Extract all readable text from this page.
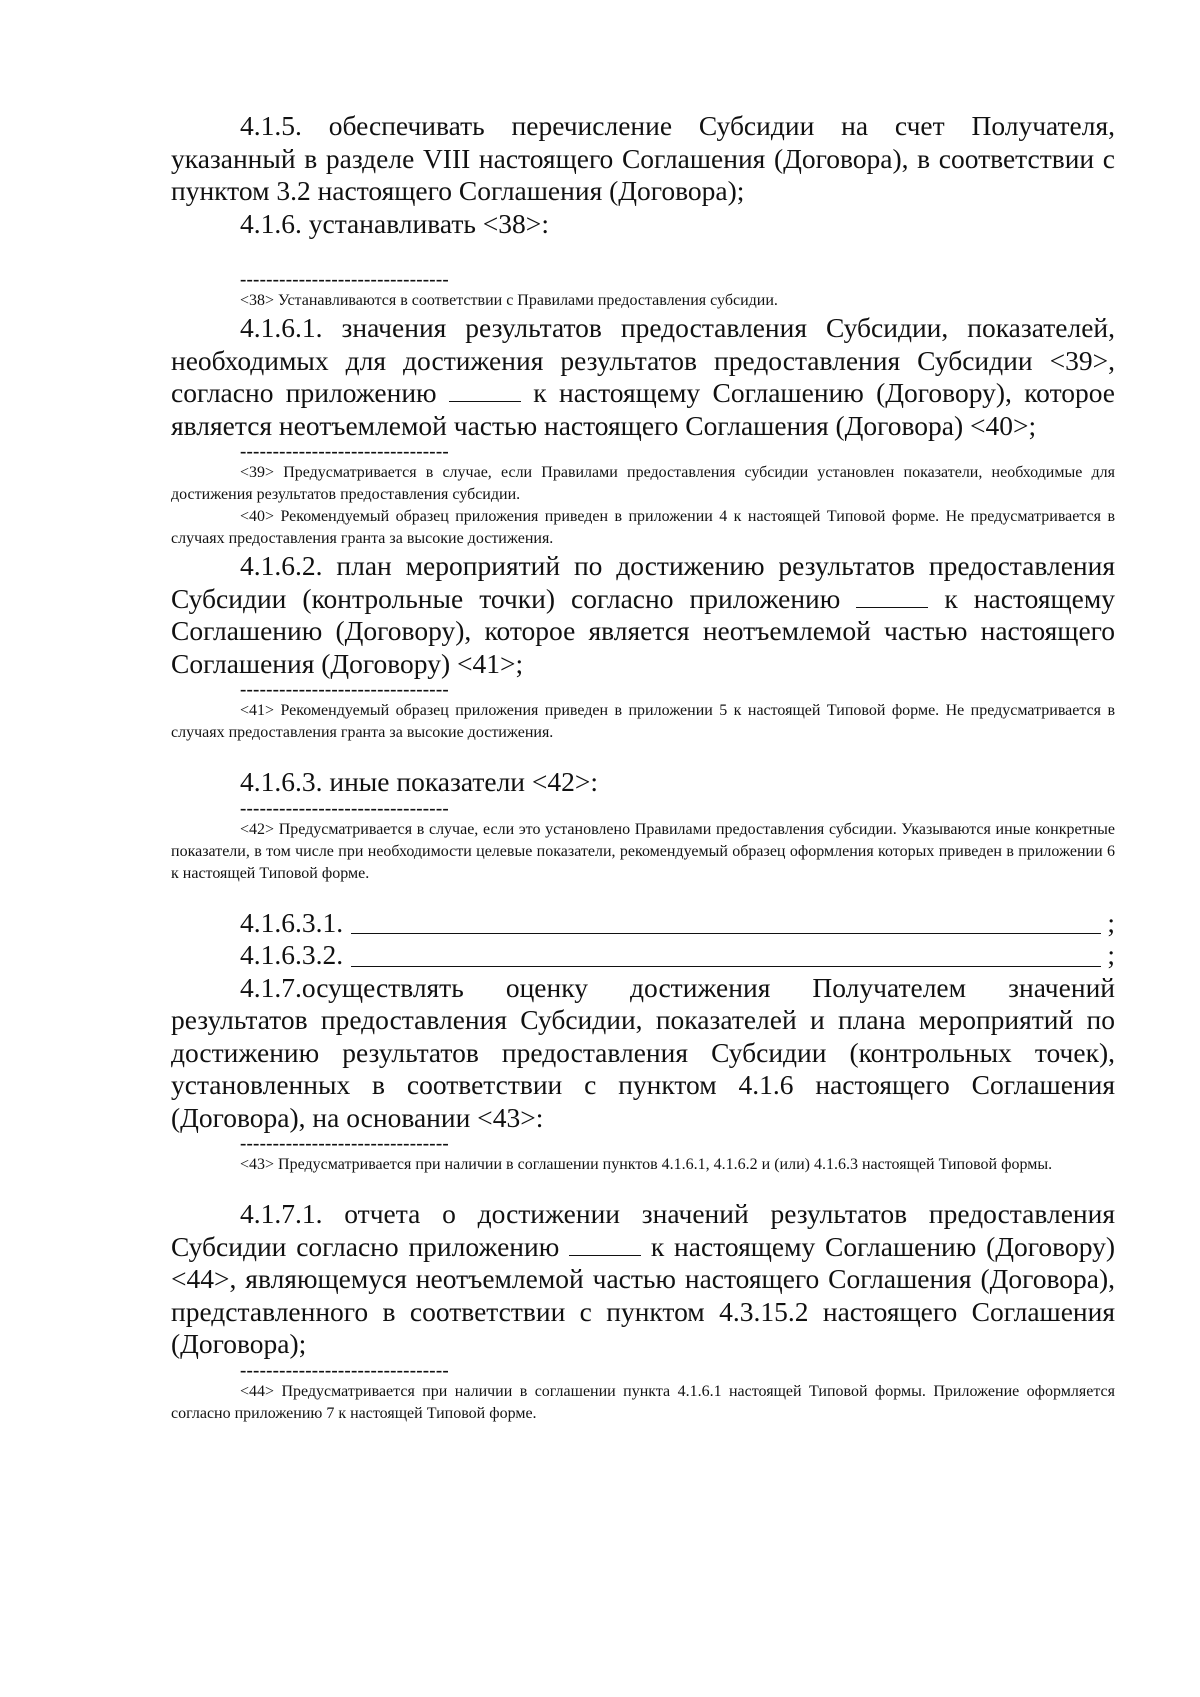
4.1.5. обеспечивать перечисление Субсидии на счет Получателя, указанный в разделе VIII настоящего Соглашения (Договора), в соответствии с пунктом 3.2 настоящего Соглашения (Договора);

4.1.6. устанавливать <38>:

--------------------------------

<38> Устанавливаются в соответствии с Правилами предоставления субсидии.

4.1.6.1. значения результатов предоставления Субсидии, показателей, необходимых для достижения результатов предоставления Субсидии <39>, согласно приложению	к настоящему Соглашению (Договору), которое является неотъемлемой частью настоящего Соглашения (Договора) <40>;

--------------------------------

<39> Предусматривается в случае, если Правилами предоставления субсидии установлен показатели, необходимые для достижения результатов предоставления субсидии.

<40> Рекомендуемый образец приложения приведен в приложении 4 к настоящей Типовой форме. Не предусматривается в случаях предоставления гранта за высокие достижения.

4.1.6.2. план мероприятий по достижению результатов предоставления Субсидии (контрольные точки) согласно приложению	к настоящему Соглашению (Договору), которое является неотъемлемой частью настоящего Соглашения (Договору) <41>;

--------------------------------

<41> Рекомендуемый образец приложения приведен в приложении 5 к настоящей Типовой форме. Не предусматривается в случаях предоставления гранта за высокие достижения.

4.1.6.3. иные показатели <42>:

--------------------------------

<42> Предусматривается в случае, если это установлено Правилами предоставления субсидии. Указываются иные конкретные показатели, в том числе при необходимости целевые показатели, рекомендуемый образец оформления которых приведен в приложении 6 к настоящей Типовой форме.

4.1.6.3.1.	;
4.1.6.3.2.	;

4.1.7.осуществлять оценку достижения Получателем значений результатов предоставления Субсидии, показателей и плана мероприятий по достижению результатов предоставления Субсидии (контрольных точек), установленных в соответствии с пунктом 4.1.6 настоящего Соглашения (Договора), на основании <43>:

--------------------------------

<43> Предусматривается при наличии в соглашении пунктов 4.1.6.1, 4.1.6.2 и (или) 4.1.6.3 настоящей Типовой формы.

4.1.7.1. отчета о достижении значений результатов предоставления Субсидии согласно приложению	к настоящему Соглашению (Договору) <44>, являющемуся неотъемлемой частью настоящего Соглашения (Договора), представленного в соответствии с пунктом 4.3.15.2 настоящего Соглашения (Договора);

--------------------------------

<44> Предусматривается при наличии в соглашении пункта 4.1.6.1 настоящей Типовой формы. Приложение оформляется согласно приложению 7 к настоящей Типовой форме.
